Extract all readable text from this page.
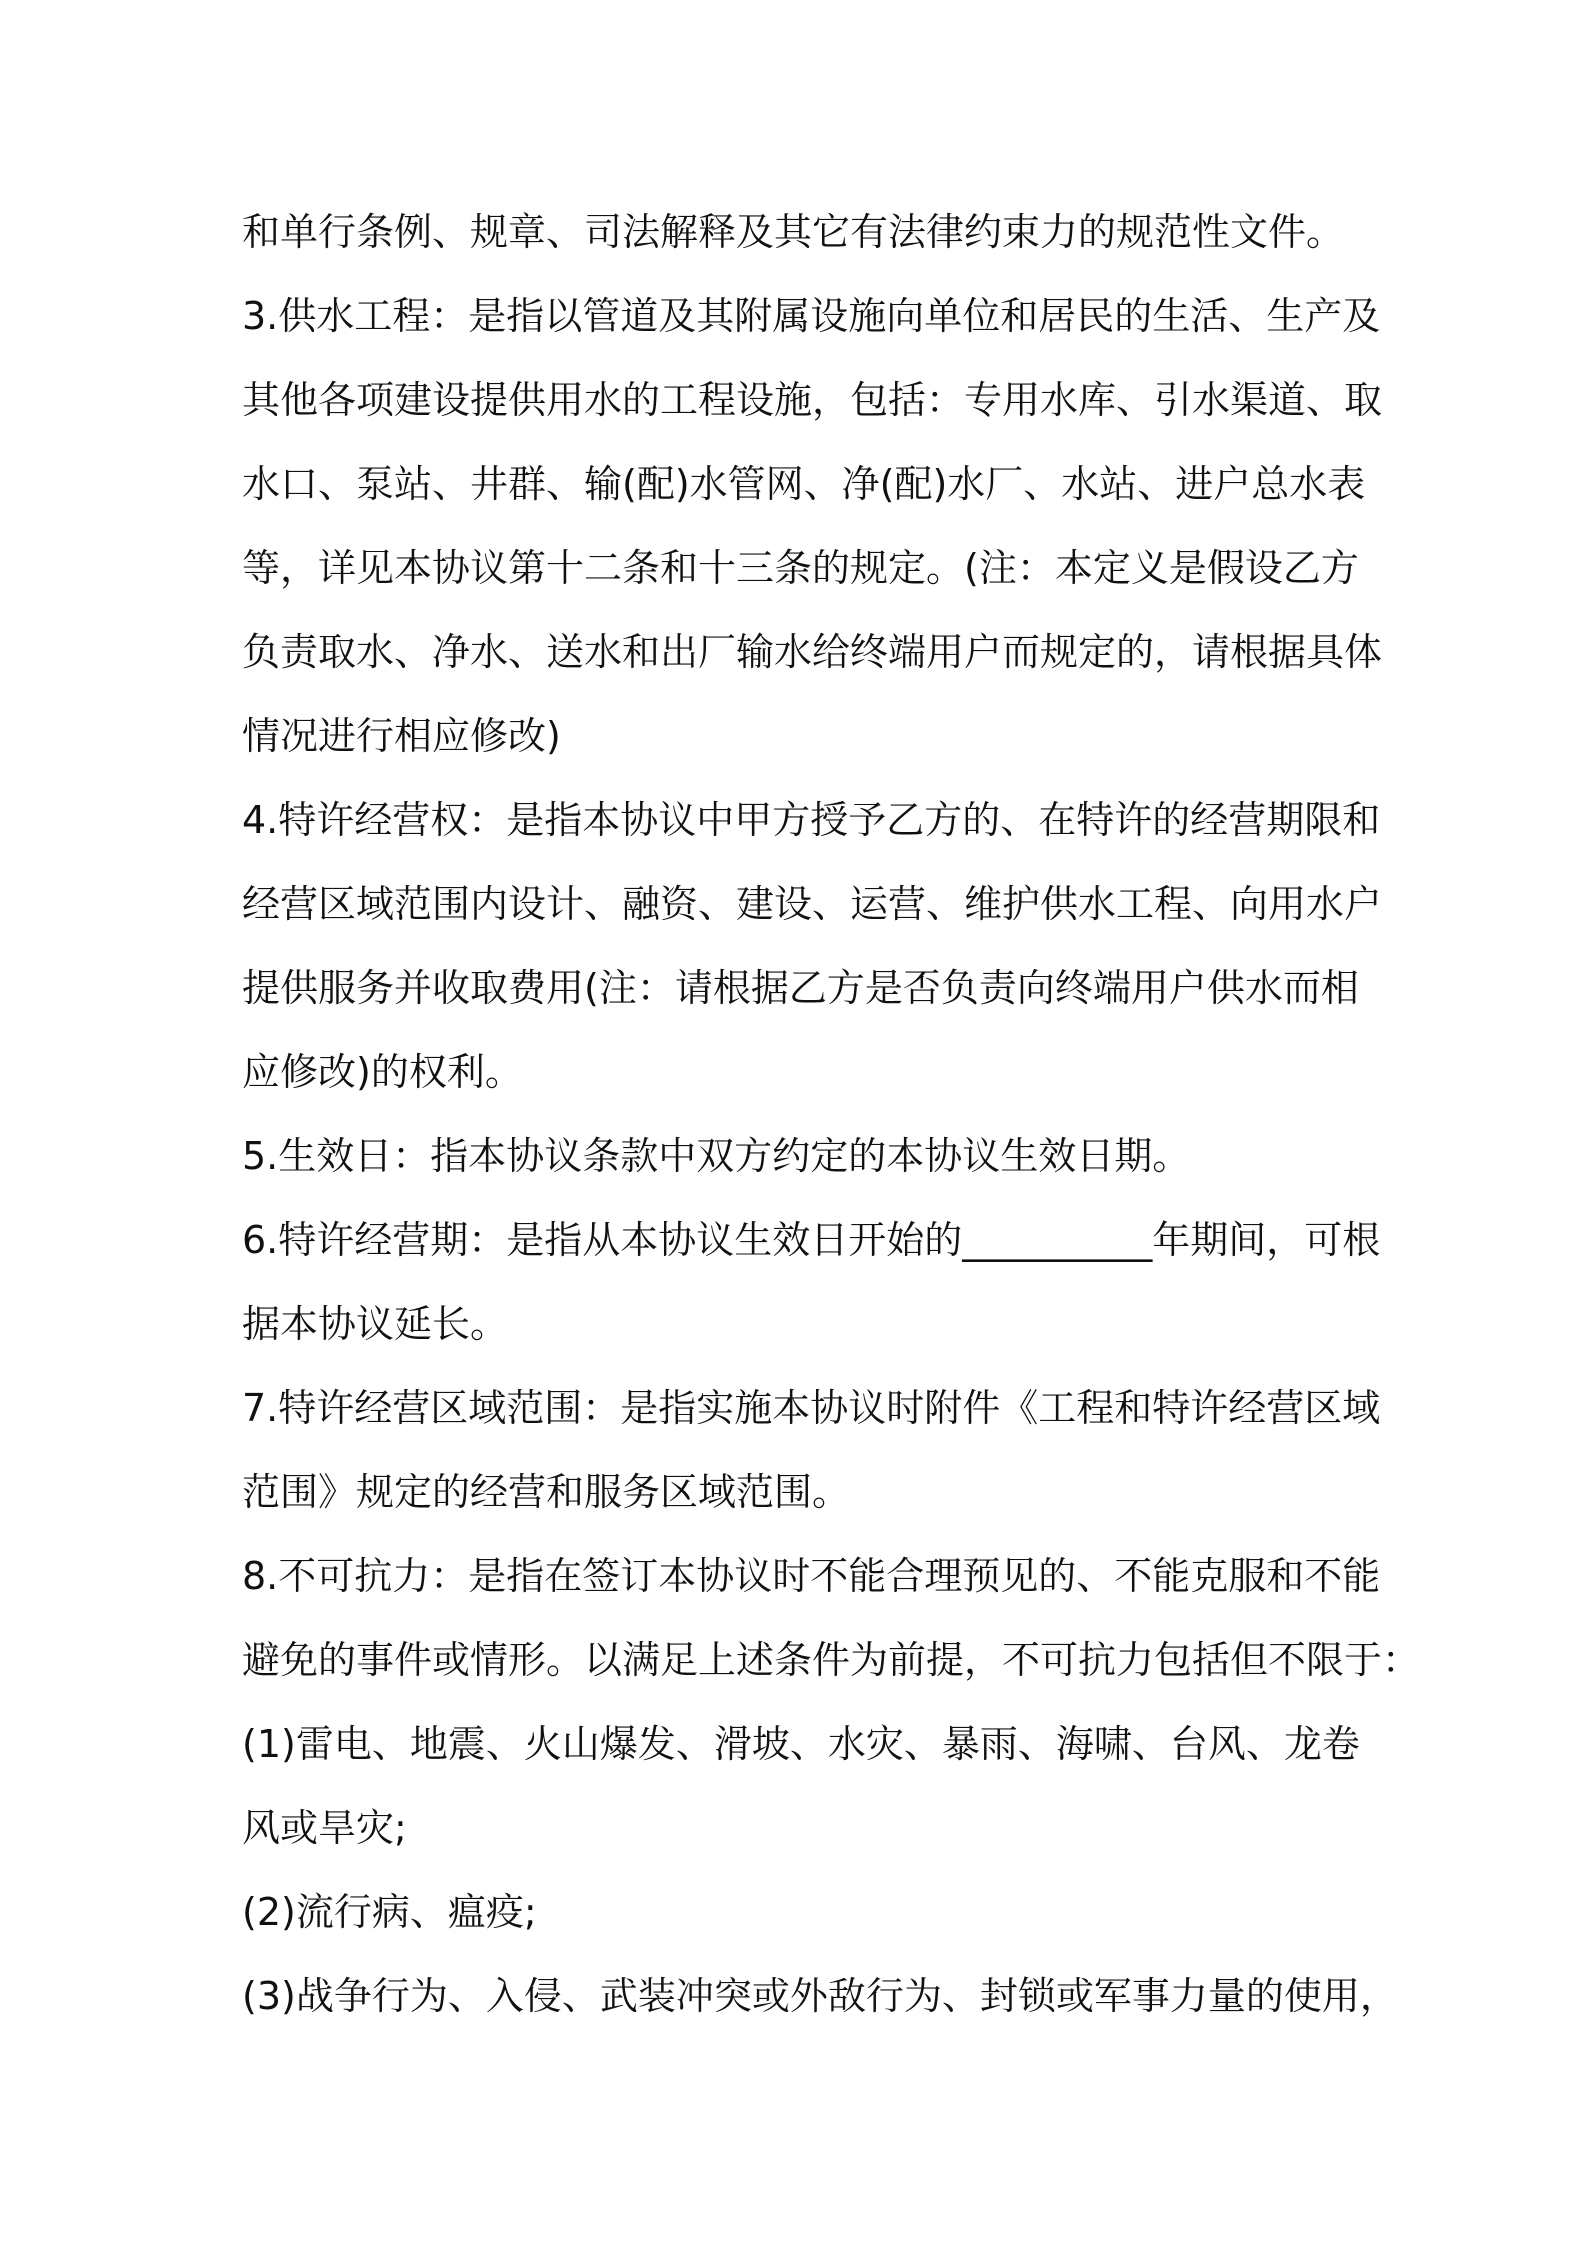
和单行条例、规章、司法解释及其它有法律约束力的规范性文件。
3.供水工程：是指以管道及其附属设施向单位和居民的生活、生产及
其他各项建设提供用水的工程设施，包括：专用水库、引水渠道、取
水口、泵站、井群、输(配)水管网、净(配)水厂、水站、进户总水表
等，详见本协议第十二条和十三条的规定。(注：本定义是假设乙方
负责取水、净水、送水和出厂输水给终端用户而规定的，请根据具体
情况进行相应修改)
4.特许经营权：是指本协议中甲方授予乙方的、在特许的经营期限和
经营区域范围内设计、融资、建设、运营、维护供水工程、向用水户
提供服务并收取费用(注：请根据乙方是否负责向终端用户供水而相
应修改)的权利。
5.生效日：指本协议条款中双方约定的本协议生效日期。
6.特许经营期：是指从本协议生效日开始的__________年期间，可根
据本协议延长。
7.特许经营区域范围：是指实施本协议时附件《工程和特许经营区域
范围》规定的经营和服务区域范围。
8.不可抗力：是指在签订本协议时不能合理预见的、不能克服和不能
避免的事件或情形。以满足上述条件为前提，不可抗力包括但不限于：
(1)雷电、地震、火山爆发、滑坡、水灾、暴雨、海啸、台风、龙卷
风或旱灾;
(2)流行病、瘟疫;
(3)战争行为、入侵、武装冲突或外敌行为、封锁或军事力量的使用，
